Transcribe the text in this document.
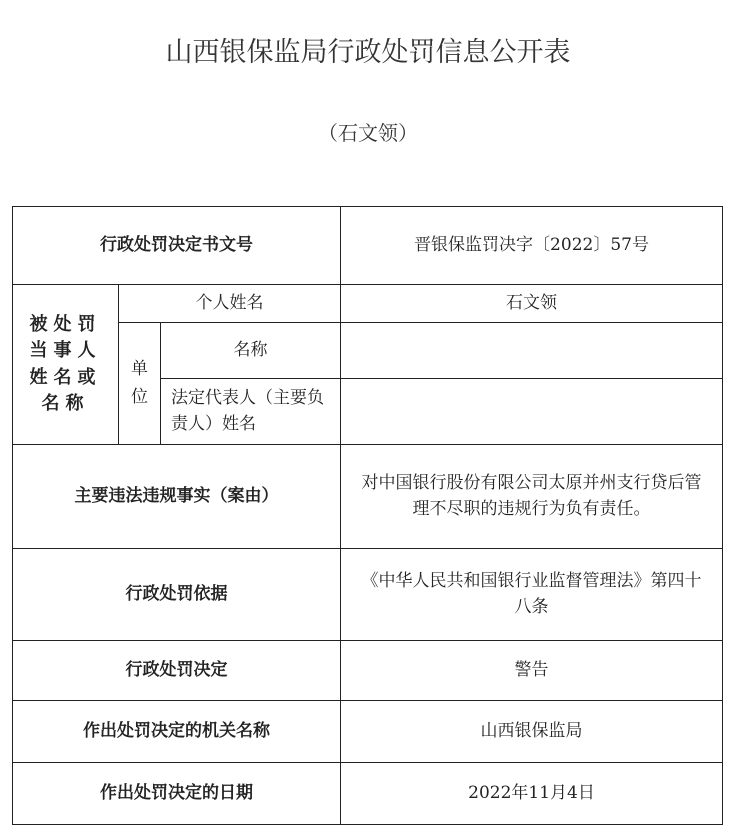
山西银保监局行政处罚信息公开表
（石文领）
行政处罚决定书文号			晋银保监罚决字〔2022〕57号
被处罚当事人姓名或名称	个人姓名		石文领
	单位	名称	
		法定代表人（主要负责人）姓名	
主要违法违规事实（案由）			对中国银行股份有限公司太原并州支行贷后管理不尽职的违规行为负有责任。
行政处罚依据			《中华人民共和国银行业监督管理法》第四十八条
行政处罚决定			警告
作出处罚决定的机关名称			山西银保监局
作出处罚决定的日期			2022年11月4日
